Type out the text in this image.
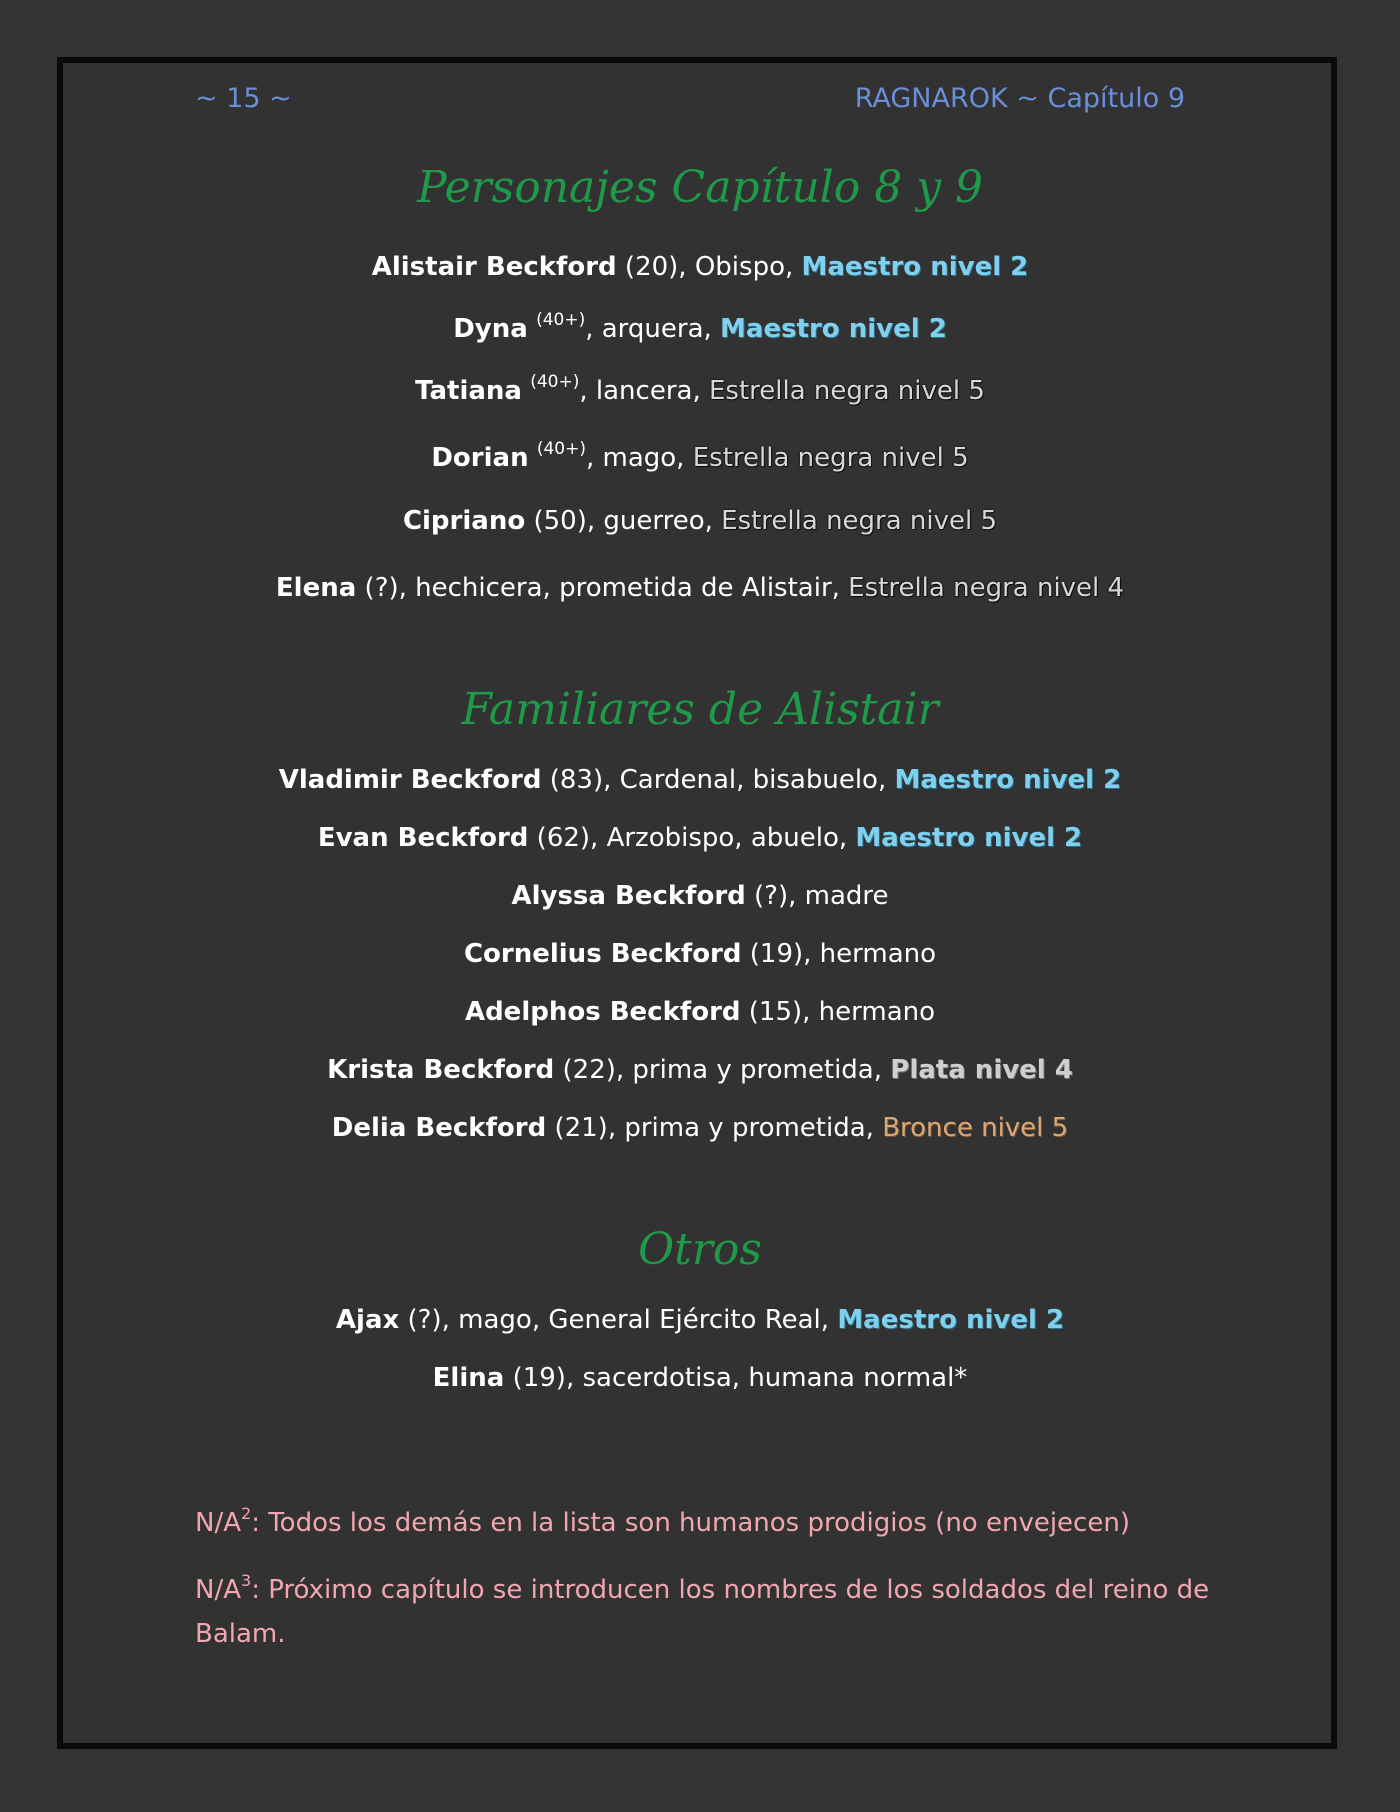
~ 15 ~	RAGNAROK ~ Capítulo 9
Personajes Capítulo 8 y 9
Alistair Beckford (20), Obispo, Maestro nivel 2
Dyna $^{(40+)}$, arquera, Maestro nivel 2
Tatiana $^{(40+)}$, lancera, Estrella negra nivel 5
Dorian $^{(40+)}$, mago, Estrella negra nivel 5
Cipriano (50), guerreo, Estrella negra nivel 5
Elena (?), hechicera, prometida de Alistair, Estrella negra nivel 4
Familiares de Alistair
Vladimir Beckford (83), Cardenal, bisabuelo, Maestro nivel 2
Evan Beckford (62), Arzobispo, abuelo, Maestro nivel 2
Alyssa Beckford (?), madre
Cornelius Beckford (19), hermano
Adelphos Beckford (15), hermano
Krista Beckford (22), prima y prometida, Plata nivel 4
Delia Beckford (21), prima y prometida, Bronce nivel 5
Otros
Ajax (?), mago, General Ejército Real, Maestro nivel 2
Elina (19), sacerdotisa, humana normal*
$N/A^2$: Todos los demás en la lista son humanos prodigios (no envejecen)
$N/A^3$: Próximo capítulo se introducen los nombres de los soldados del reino de Balam.
